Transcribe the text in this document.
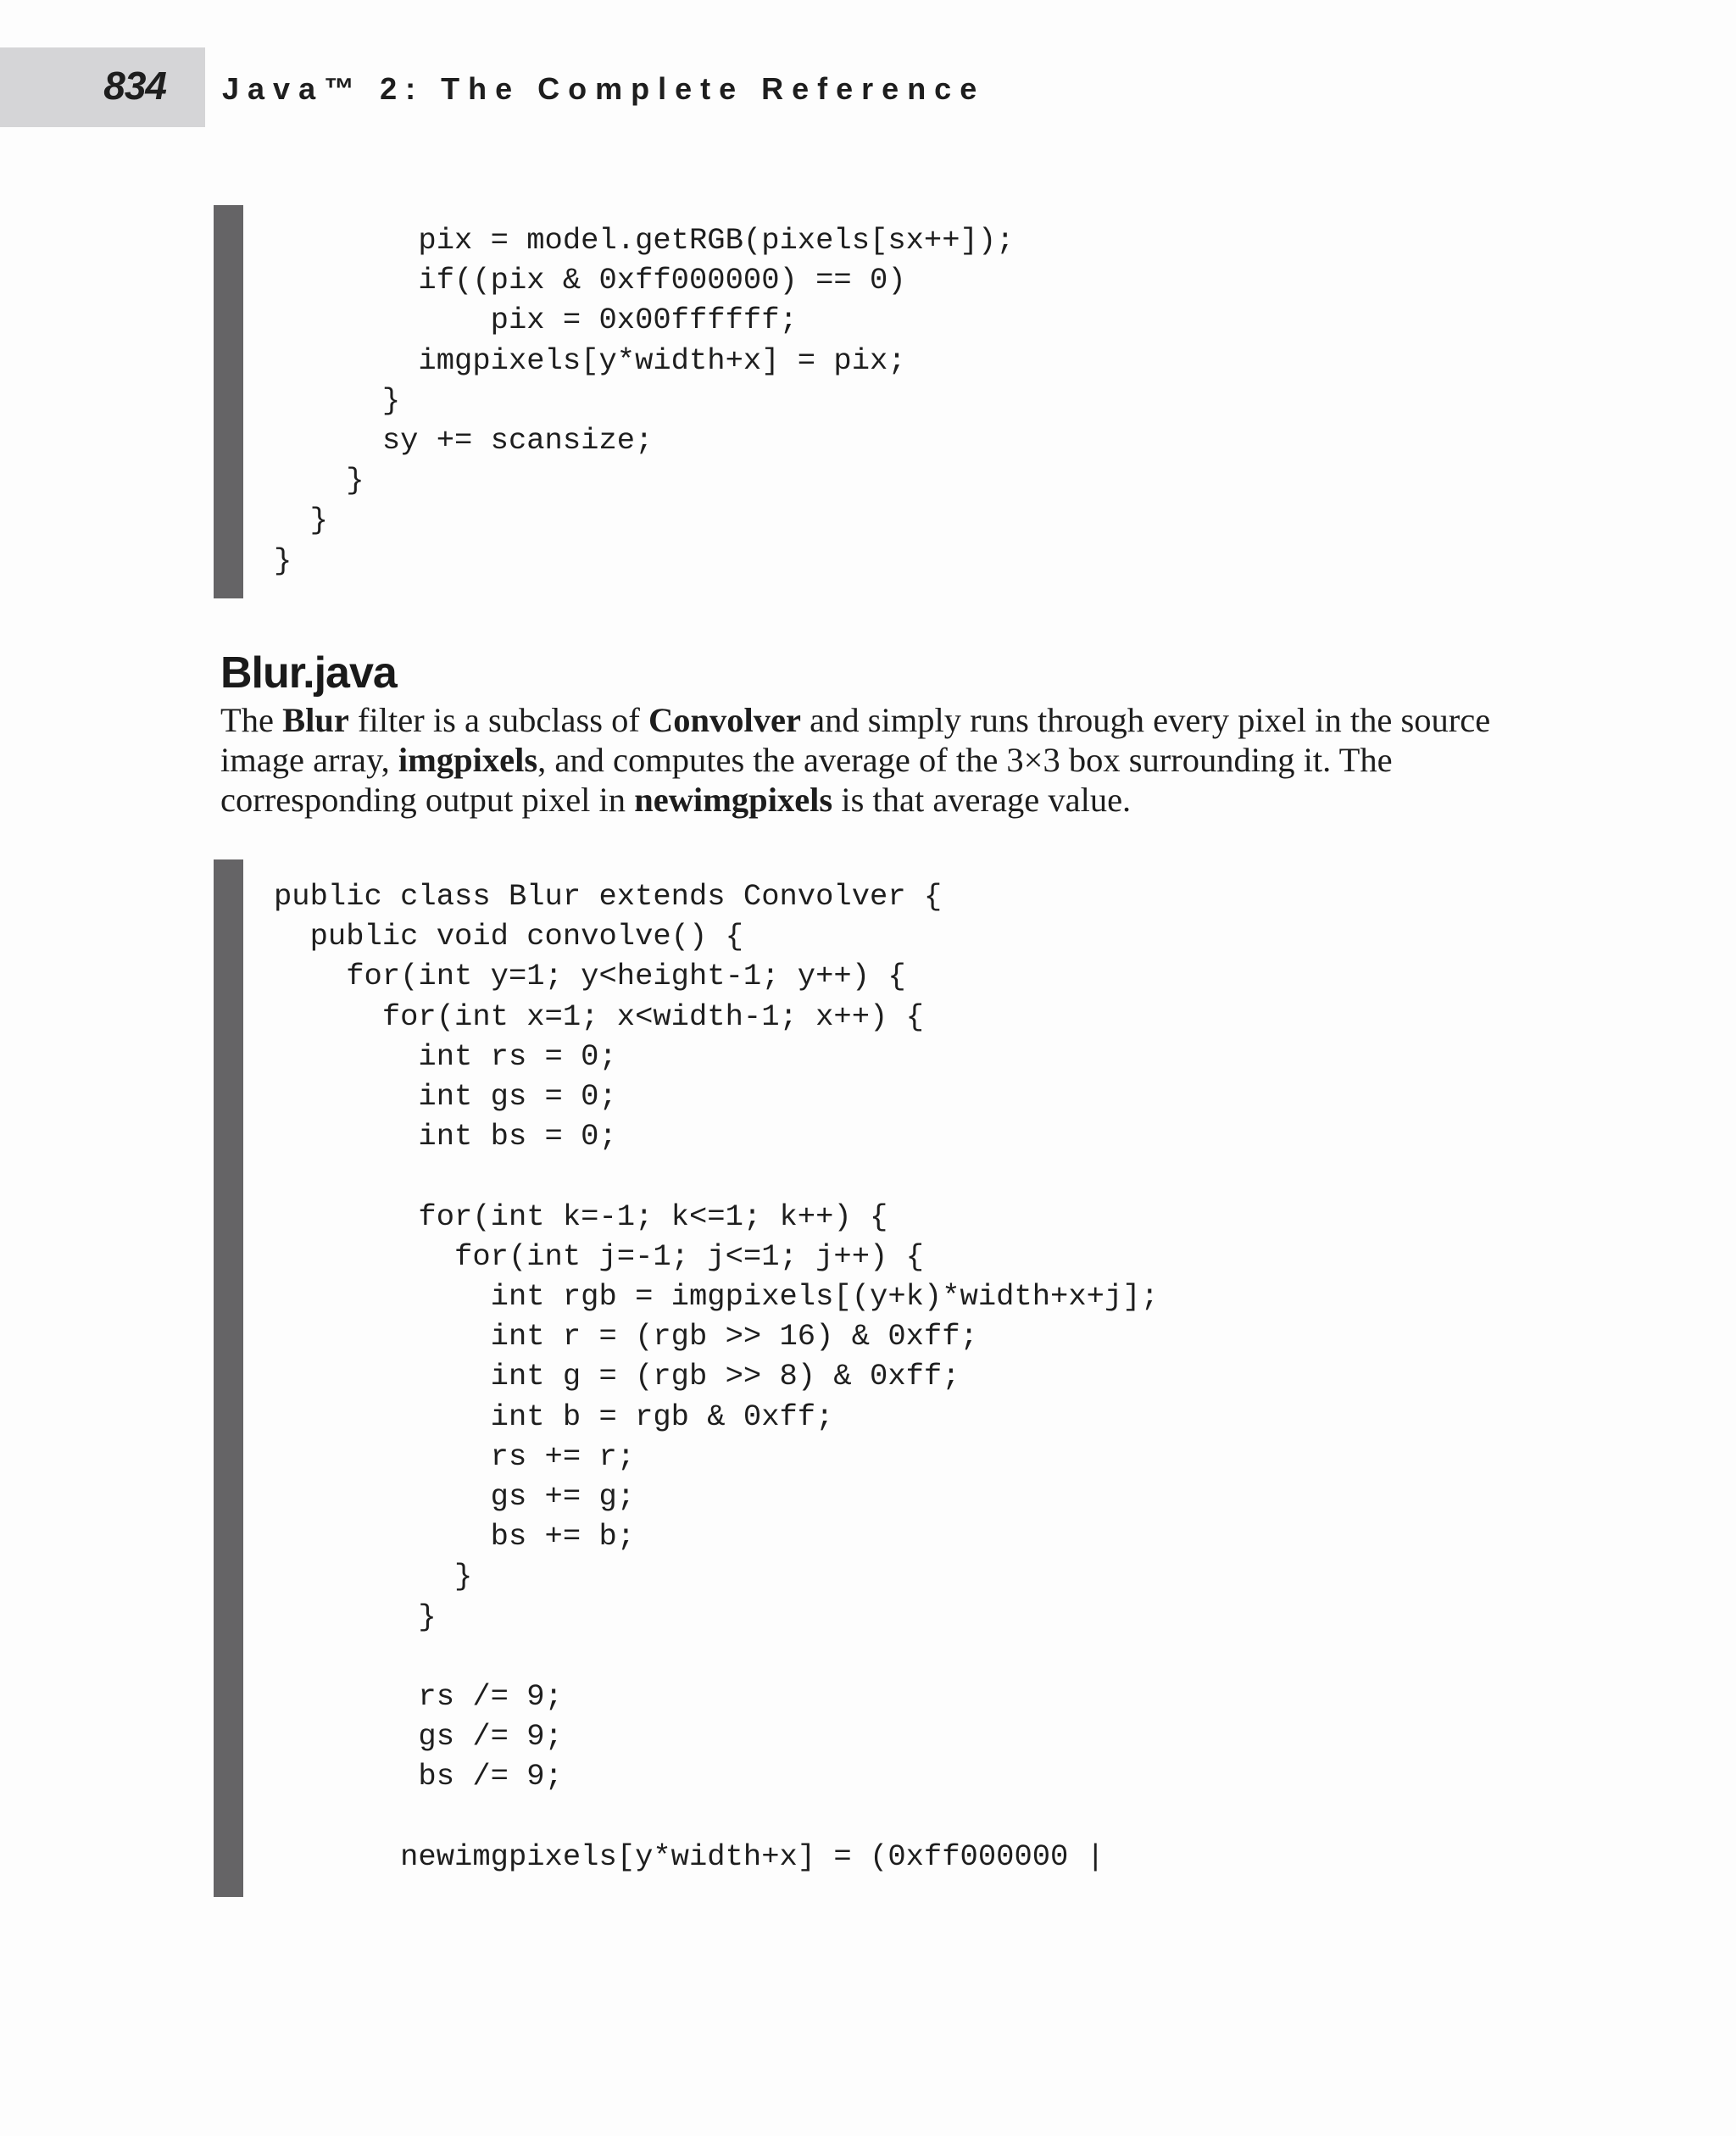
834 Java™ 2: The Complete Reference
pix = model.getRGB(pixels[sx++]);
if((pix & 0xff000000) == 0)
pix = 0x00ffffff;
imgpixels[y*width+x] = pix;
}
sy += scansize;
}
}
}
Blur.java

The Blur filter is a subclass of Convolver and simply runs through every pixel in the source image array, imgpixels, and computes the average of the 3×3 box surrounding it. The corresponding output pixel in newimgpixels is that average value.

public class Blur extends Convolver {
public void convolve() {
for(int y=1; y<height-1; y++) {
for(int x=1; x<width-1; x++) {
int rs = 0;
int gs = 0;
int bs = 0;

for(int k=-1; k<=1; k++) {
for(int j=-1; j<=1; j++) {
int rgb = imgpixels[(y+k)*width+x+j];
int r = (rgb >> 16) & 0xff;
int g = (rgb >> 8) & 0xff;
int b = rgb & 0xff;
rs += r;
gs += g;
bs += b;
}
}

rs /= 9;
gs /= 9;
bs /= 9;

newimgpixels[y*width+x] = (0xff000000 |
